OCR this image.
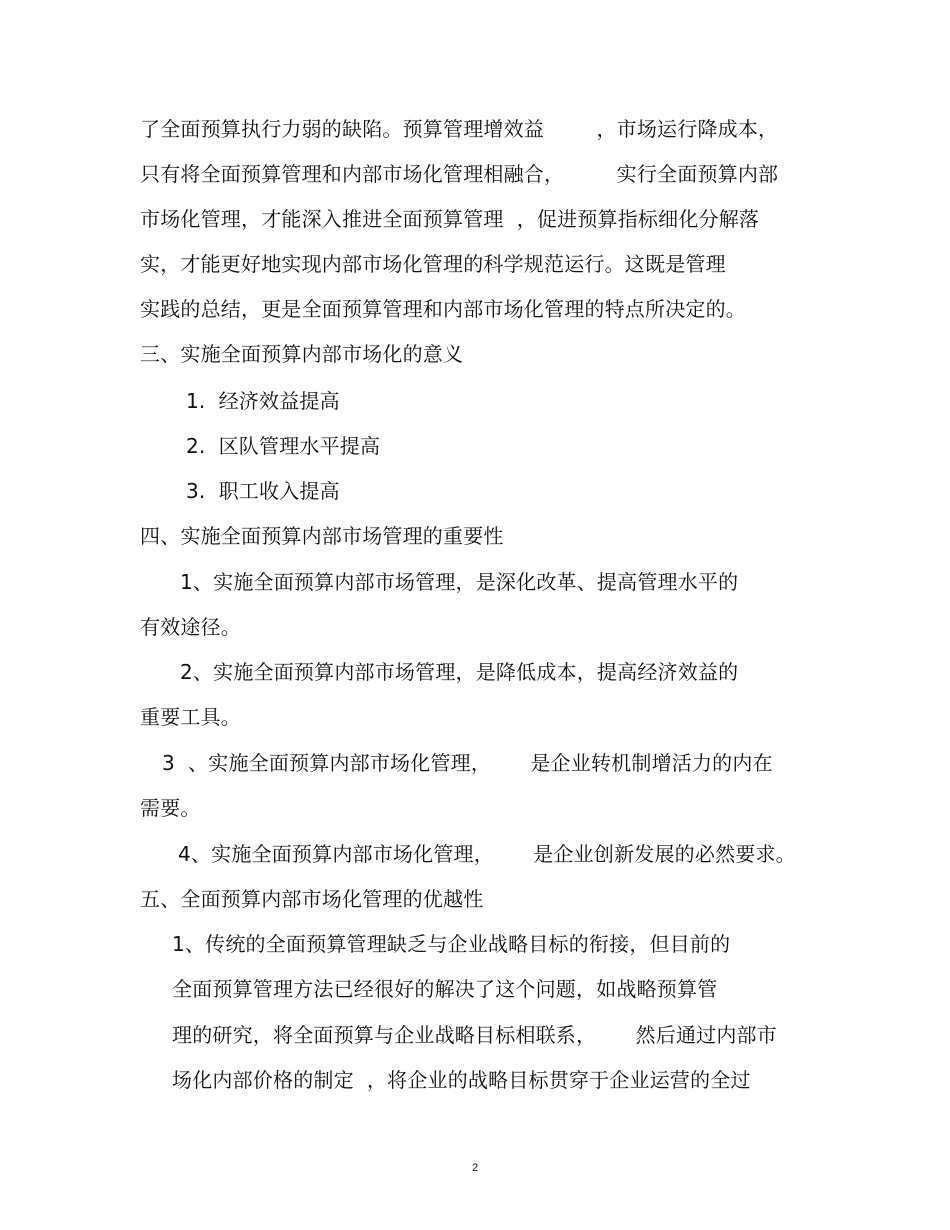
了全面预算执行力弱的缺陷。预算管理增效益        ，市场运行降成本，

只有将全面预算管理和内部市场化管理相融合，        实行全面预算内部

市场化管理，才能深入推进全面预算管理  ，促进预算指标细化分解落

实，才能更好地实现内部市场化管理的科学规范运行。这既是管理

实践的总结，更是全面预算管理和内部市场化管理的特点所决定的。

三、实施全面预算内部市场化的意义

1.  经济效益提高

2.  区队管理水平提高

3.  职工收入提高

四、实施全面预算内部市场管理的重要性

1、实施全面预算内部市场管理，是深化改革、提高管理水平的

有效途径。

2、实施全面预算内部市场管理，是降低成本，提高经济效益的

重要工具。

3  、实施全面预算内部市场化管理，      是企业转机制增活力的内在

需要。

4、实施全面预算内部市场化管理，      是企业创新发展的必然要求。

五、全面预算内部市场化管理的优越性

1、传统的全面预算管理缺乏与企业战略目标的衔接，但目前的

全面预算管理方法已经很好的解决了这个问题，如战略预算管

理的研究，将全面预算与企业战略目标相联系，      然后通过内部市

场化内部价格的制定  ，将企业的战略目标贯穿于企业运营的全过

2
